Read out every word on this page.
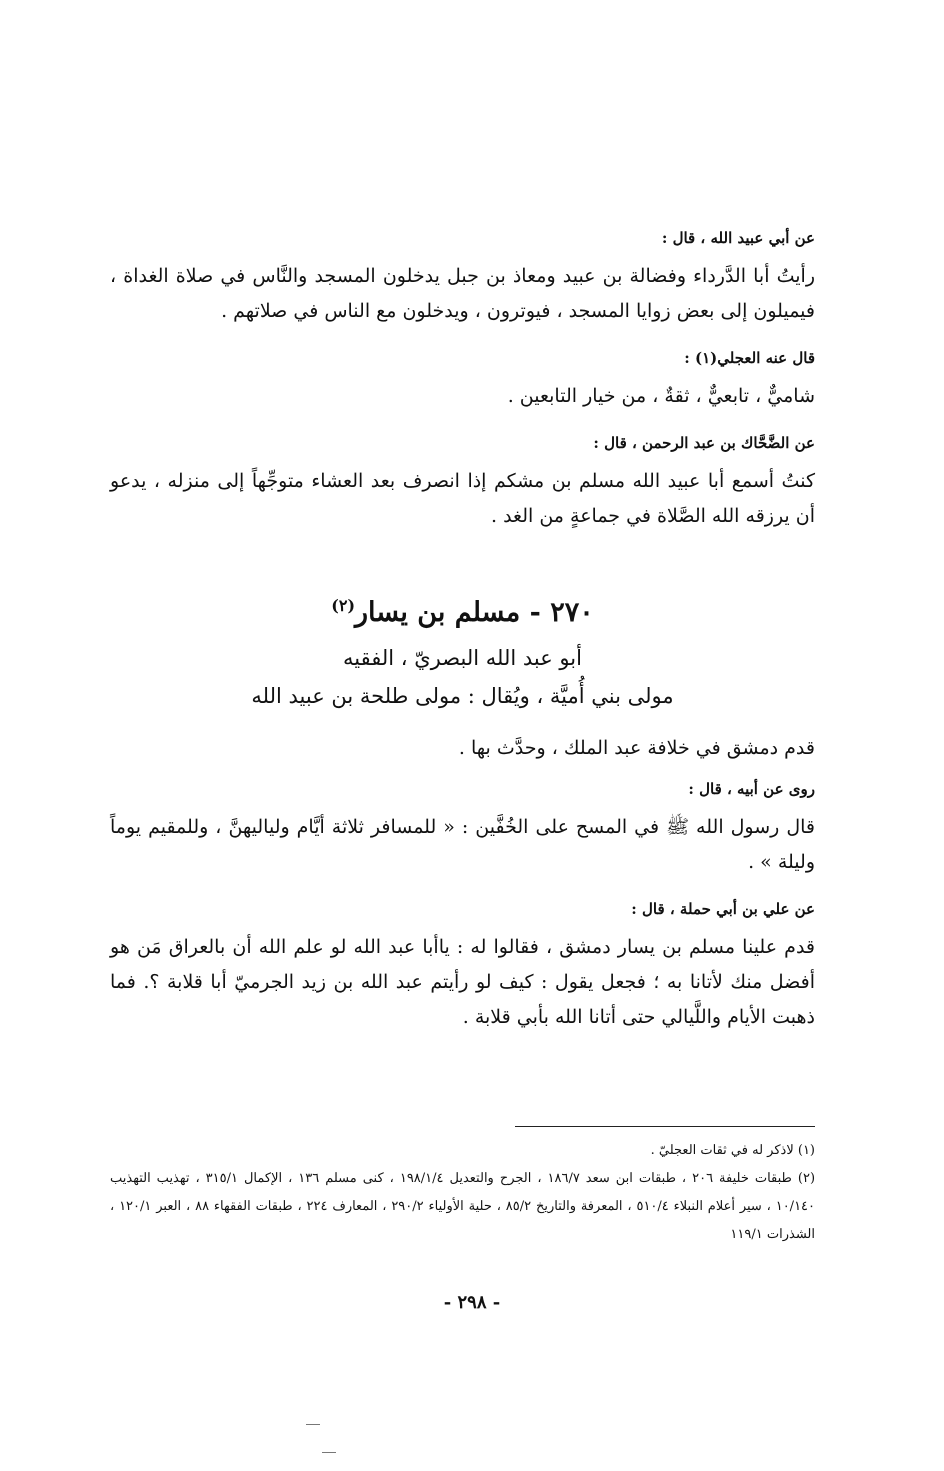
عن أبي عبيد الله ، قال :

رأيتُ أبا الدَّرداء وفضالة بن عبيد ومعاذ بن جبل يدخلون المسجد والنَّاس في صلاة الغداة ، فيميلون إلى بعض زوايا المسجد ، فيوترون ، ويدخلون مع الناس في صلاتهم .

قال عنه العجلي(١) :

شاميٌّ ، تابعيٌّ ، ثقةٌ ، من خيار التابعين .

عن الضَّحَّاك بن عبد الرحمن ، قال :

كنتُ أسمع أبا عبيد الله مسلم بن مشكم إذا انصرف بعد العشاء متوجِّهاً إلى منزله ، يدعو أن يرزقه الله الصَّلاة في جماعةٍ من الغد .

٢٧٠ - مسلم بن يسار$^{(٢)}$

أبو عبد الله البصريّ ، الفقيه

مولى بني أُميَّة ، ويُقال : مولى طلحة بن عبيد الله

قدم دمشق في خلافة عبد الملك ، وحدَّث بها .

روى عن أبيه ، قال :

قال رسول الله ﷺ في المسح على الخُفَّين : « للمسافر ثلاثة أيَّام ولياليهنَّ ، وللمقيم يوماً وليلة » .

عن علي بن أبي حملة ، قال :

قدم علينا مسلم بن يسار دمشق ، فقالوا له : ياأبا عبد الله لو علم الله أن بالعراق مَن هو أفضل منك لأتانا به ؛ فجعل يقول : كيف لو رأيتم عبد الله بن زيد الجرميّ أبا قلابة ؟. فما ذهبت الأيام واللَّيالي حتى أتانا الله بأبي قلابة .

(١) لاذكر له في ثقات العجليّ .

(٢) طبقات خليفة ٢٠٦ ، طبقات ابن سعد ١٨٦/٧ ، الجرح والتعديل ١٩٨/١/٤ ، كنى مسلم ١٣٦ ، الإكمال ٣١٥/١ ، تهذيب التهذيب ١٠/١٤٠ ، سير أعلام النبلاء ٥١٠/٤ ، المعرفة والتاريخ ٨٥/٢ ، حلية الأولياء ٢٩٠/٢ ، المعارف ٢٢٤ ، طبقات الفقهاء ٨٨ ، العبر ١٢٠/١ ، الشذرات ١١٩/١

- ٢٩٨ -
